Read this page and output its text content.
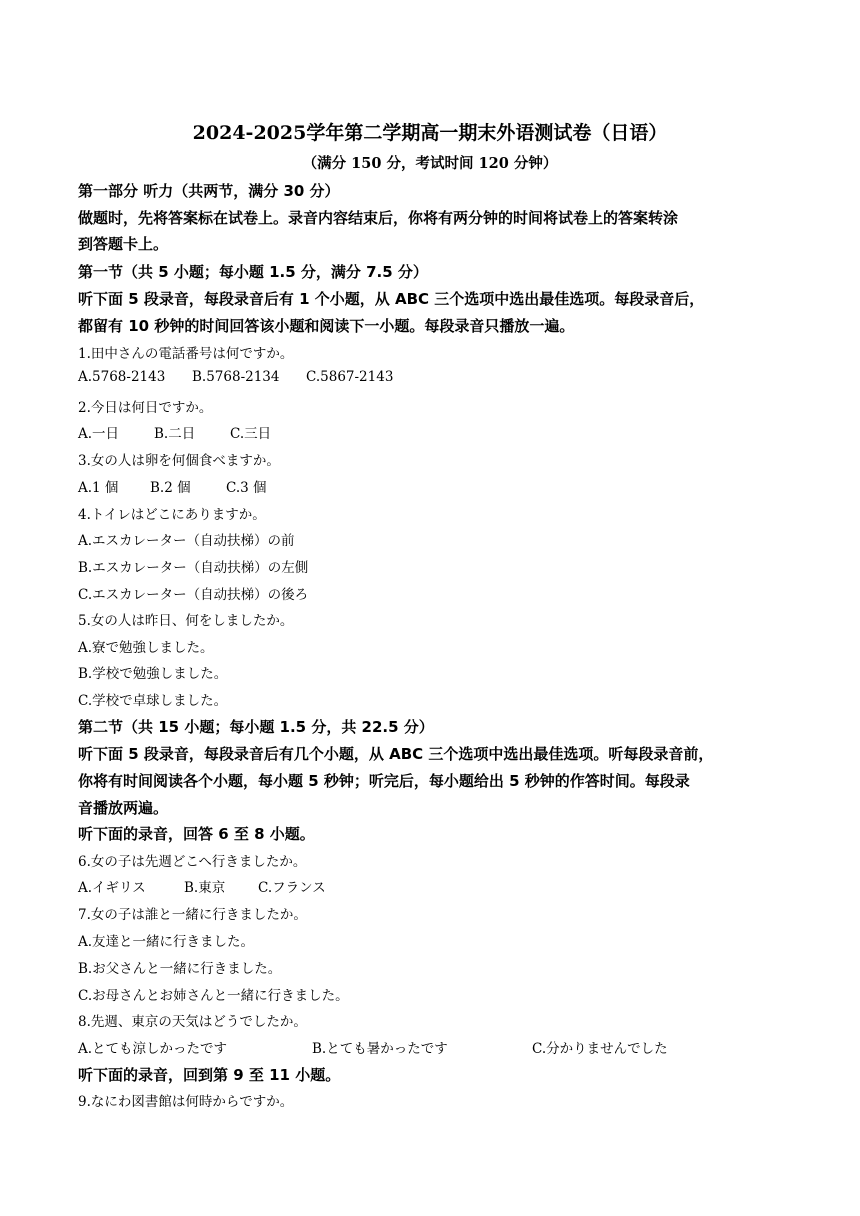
2024-2025学年第二学期高一期末外语测试卷（日语）
（满分 150 分，考试时间 120 分钟）
第一部分 听力（共两节，满分 30 分）
做题时，先将答案标在试卷上。录音内容结束后，你将有两分钟的时间将试卷上的答案转涂
到答题卡上。
第一节（共 5 小题；每小题 1.5 分，满分 7.5 分）
听下面 5 段录音，每段录音后有 1 个小题，从 ABC 三个选项中选出最佳选项。每段录音后，
都留有 10 秒钟的时间回答该小题和阅读下一小题。每段录音只播放一遍。
1.田中さんの電話番号は何ですか。
A.5768-2143 B.5768-2134 C.5867-2143
2.今日は何日ですか。
A.一日	B.二日	C.三日
3.女の人は卵を何個食べますか。
A.1 個 B.2 個	C.3 個
4.トイレはどこにありますか。
A.エスカレーター（自动扶梯）の前
B.エスカレーター（自动扶梯）の左側
C.エスカレーター（自动扶梯）の後ろ
5.女の人は昨日、何をしましたか。
A.寮で勉強しました。
B.学校で勉強しました。
C.学校で卓球しました。
第二节（共 15 小题；每小题 1.5 分，共 22.5 分）
听下面 5 段录音，每段录音后有几个小题，从 ABC 三个选项中选出最佳选项。听每段录音前，
你将有时间阅读各个小题，每小题 5 秒钟；听完后，每小题给出 5 秒钟的作答时间。每段录
音播放两遍。
听下面的录音，回答 6 至 8 小题。
6.女の子は先週どこへ行きましたか。
A.イギリス	B.東京 C.フランス
7.女の子は誰と一緒に行きましたか。
A.友達と一緒に行きました。
B.お父さんと一緒に行きました。
C.お母さんとお姉さんと一緒に行きました。
8.先週、東京の天気はどうでしたか。
A.とても涼しかったです	B.とても暑かったです	C.分かりませんでした
听下面的录音，回到第 9 至 11 小题。
9.なにわ図書館は何時からですか。
